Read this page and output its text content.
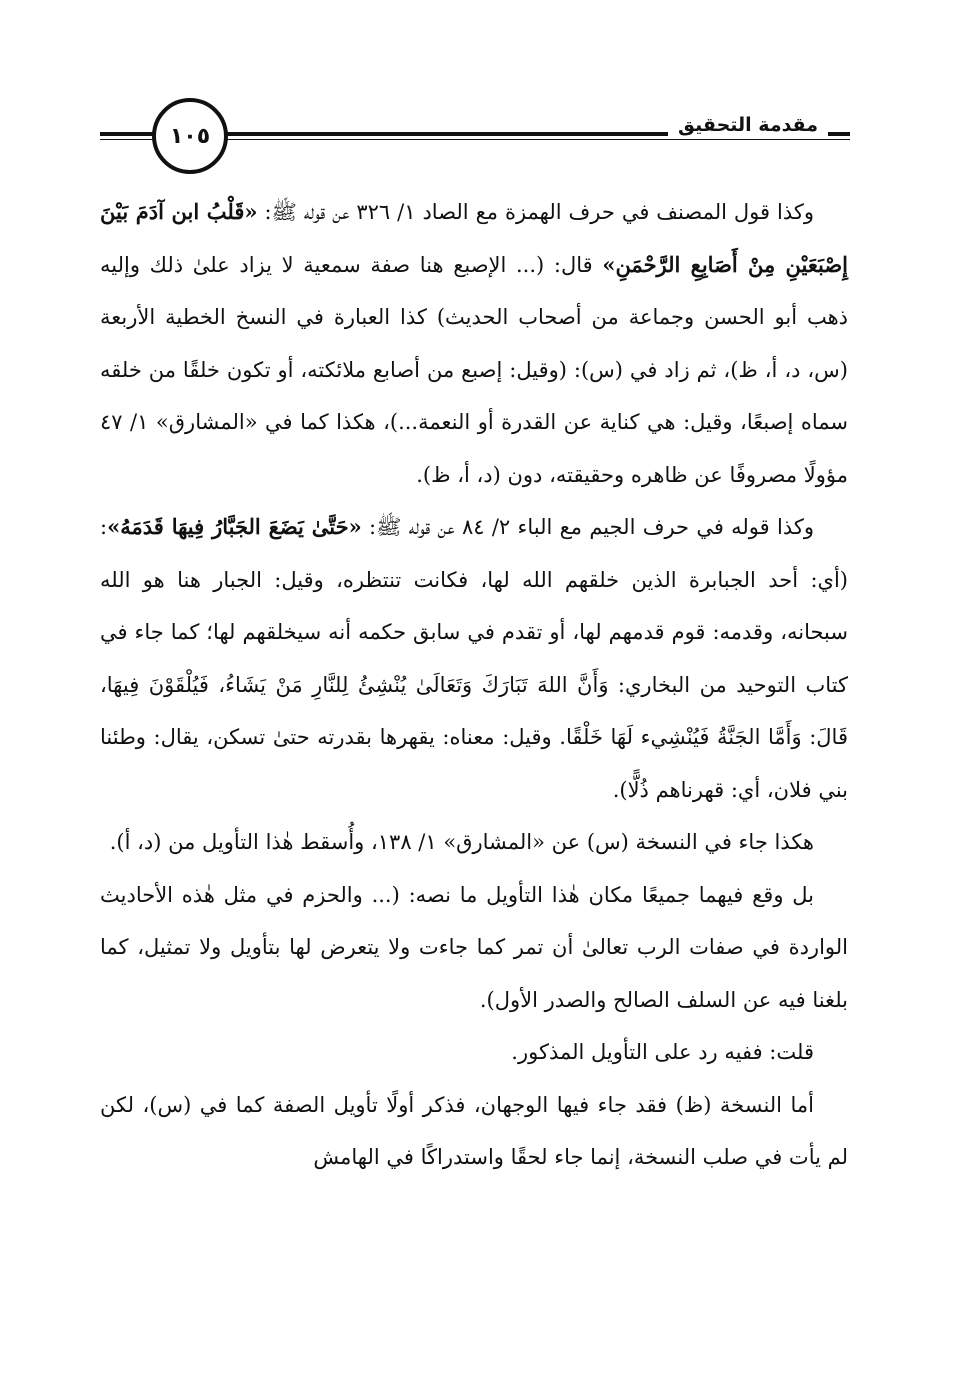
١٠٥	مقدمة التحقيق

وكذا قول المصنف في حرف الهمزة مع الصاد ١/ ٣٢٦ عن قوله ﷺ: «قَلْبُ ابن آدَمَ بَيْنَ إِصْبَعَيْنِ مِنْ أَصَابِعِ الرَّحْمَنِ» قال: (... الإصبع هنا صفة سمعية لا يزاد علىٰ ذلك وإليه ذهب أبو الحسن وجماعة من أصحاب الحديث) كذا العبارة في النسخ الخطية الأربعة (س، د، أ، ظ)، ثم زاد في (س): (وقيل: إصبع من أصابع ملائكته، أو تكون خلقًا من خلقه سماه إصبعًا، وقيل: هي كناية عن القدرة أو النعمة...)، هكذا كما في «المشارق» ١/ ٤٧ مؤولًا مصروفًا عن ظاهره وحقيقته، دون (د، أ، ظ).

وكذا قوله في حرف الجيم مع الباء ٢/ ٨٤ عن قوله ﷺ: «حَتَّىٰ يَضَعَ الجَبَّارُ فِيهَا قَدَمَهُ»: (أي: أحد الجبابرة الذين خلقهم الله لها، فكانت تنتظره، وقيل: الجبار هنا هو الله سبحانه، وقدمه: قوم قدمهم لها، أو تقدم في سابق حكمه أنه سيخلقهم لها؛ كما جاء في كتاب التوحيد من البخاري: وَأَنَّ اللهَ تَبَارَكَ وَتَعَالَىٰ يُنْشِئُ لِلنَّارِ مَنْ يَشَاءُ، فَيُلْقَوْنَ فِيهَا، قَالَ: وَأَمَّا الجَنَّةُ فَيُنْشِيء لَهَا خَلْقًا. وقيل: معناه: يقهرها بقدرته حتىٰ تسكن، يقال: وطئنا بني فلان، أي: قهرناهم ذُلًّا).

هكذا جاء في النسخة (س) عن «المشارق» ١/ ١٣٨، وأُسقط هٰذا التأويل من (د، أ).

بل وقع فيهما جميعًا مكان هٰذا التأويل ما نصه: (... والحزم في مثل هٰذه الأحاديث الواردة في صفات الرب تعالىٰ أن تمر كما جاءت ولا يتعرض لها بتأويل ولا تمثيل، كما بلغنا فيه عن السلف الصالح والصدر الأول).

قلت: ففيه رد على التأويل المذكور.

أما النسخة (ظ) فقد جاء فيها الوجهان، فذكر أولًا تأويل الصفة كما في (س)، لكن لم يأت في صلب النسخة، إنما جاء لحقًا واستدراكًا في الهامش
